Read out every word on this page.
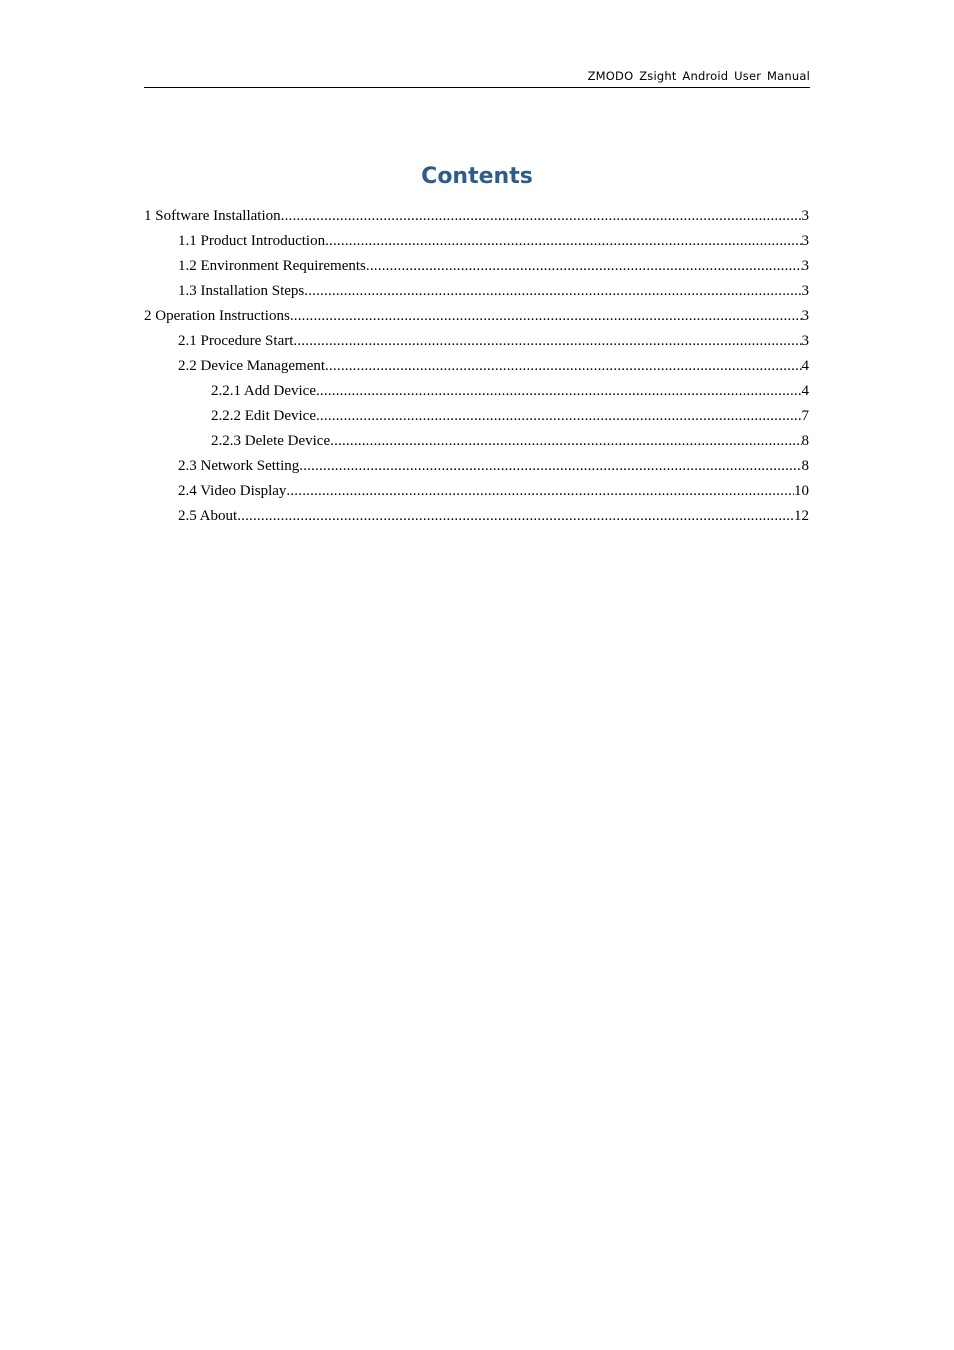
ZMODO Zsight Android User Manual
Contents
1 Software Installation .....	3
1.1 Product Introduction .....	3
1.2 Environment Requirements .....	3
1.3 Installation Steps .....	3
2 Operation Instructions .....	3
2.1 Procedure Start .....	3
2.2 Device Management .....	4
2.2.1 Add Device .....	4
2.2.2 Edit Device .....	7
2.2.3 Delete Device .....	8
2.3 Network Setting .....	8
2.4 Video Display .....	10
2.5 About .....	12
